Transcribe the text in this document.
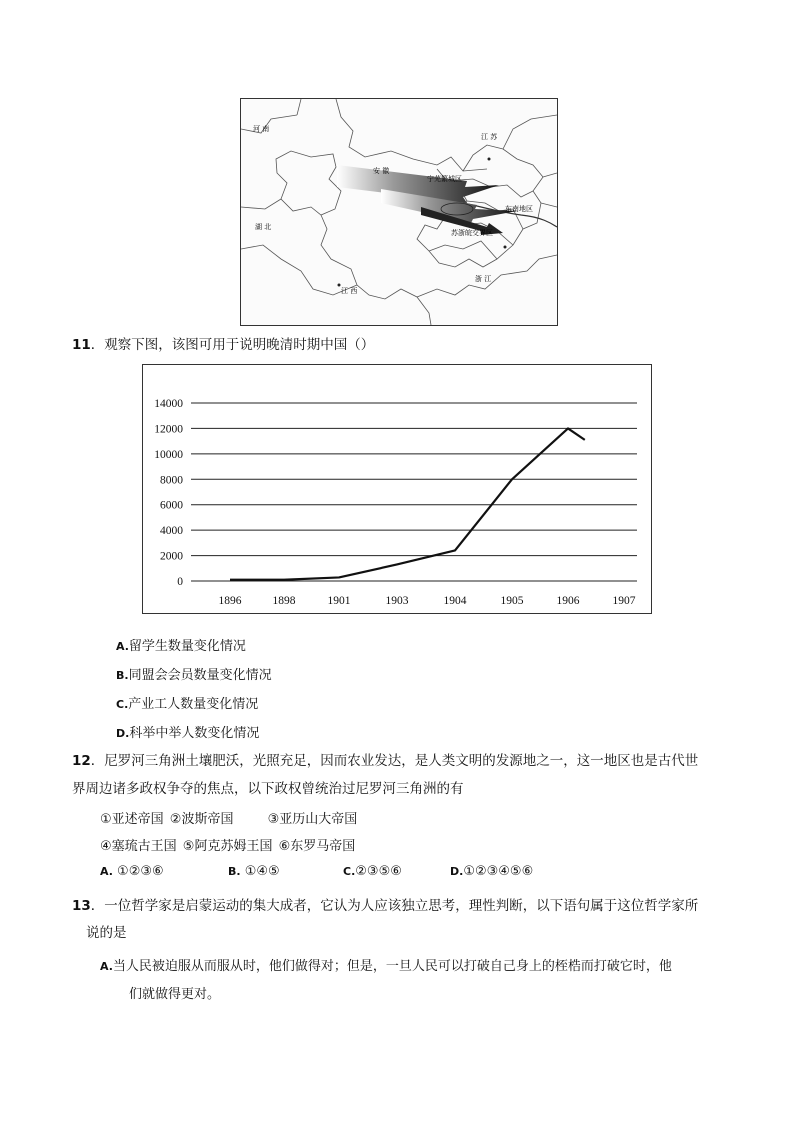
河 南
江 苏
安 徽
湖 北
江 西
浙 江
宁芜繁城区
东南地区
苏浙皖交界区
11．观察下图，该图可用于说明晚清时期中国（）
0
2000
4000
6000
8000
10000
12000
14000
1896	1898	1901	1903	1904	1905	1906	1907
A.留学生数量变化情况
B.同盟会会员数量变化情况
C.产业工人数量变化情况
D.科举中举人数变化情况
12．尼罗河三角洲土壤肥沃，光照充足，因而农业发达，是人类文明的发源地之一，这一地区也是古代世
界周边诸多政权争夺的焦点，以下政权曾统治过尼罗河三角洲的有
①亚述帝国 ②波斯帝国	③亚历山大帝国
④塞琉古王国 ⑤阿克苏姆王国 ⑥东罗马帝国
A. ①②③⑥	B. ①④⑤	C.②③⑤⑥	D.①②③④⑤⑥
13．一位哲学家是启蒙运动的集大成者，它认为人应该独立思考，理性判断，以下语句属于这位哲学家所
说的是
A.当人民被迫服从而服从时，他们做得对；但是，一旦人民可以打破自己身上的桎梏而打破它时，他
们就做得更对。
